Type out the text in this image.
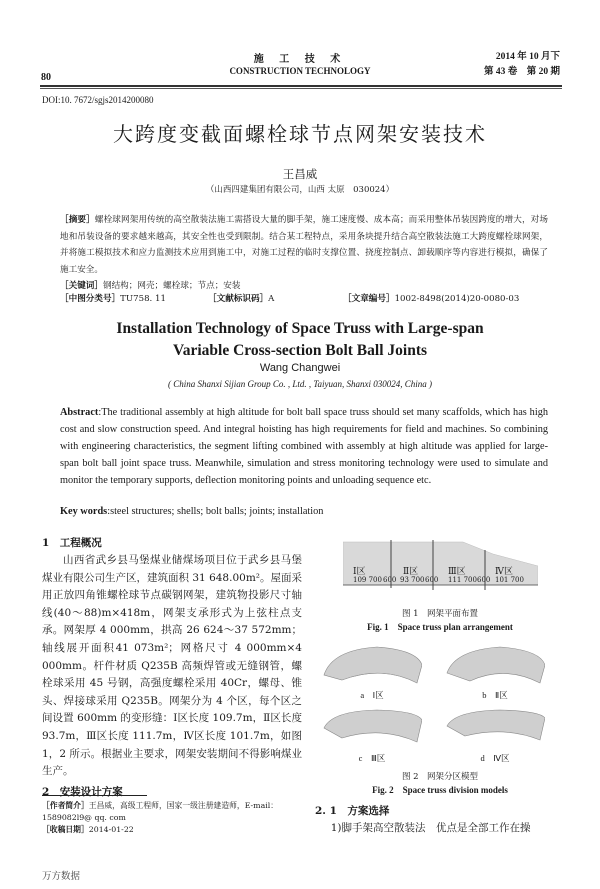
80
施 工 技 术
CONSTRUCTION TECHNOLOGY
2014 年 10 月下
第 43 卷　第 20 期
DOI:10. 7672/sgjs2014200080
大跨度变截面螺栓球节点网架安装技术
王昌威
（山西四建集团有限公司，山西 太原　030024）
［摘要］螺栓球网架用传统的高空散装法施工需搭设大量的脚手架，施工速度慢、成本高；而采用整体吊装因跨度的增大，对场地和吊装设备的要求越来越高，其安全性也受到限制。结合某工程特点，采用条块提升结合高空散装法施工大跨度螺栓球网架，并将施工模拟技术和应力监测技术应用到施工中，对施工过程的临时支撑位置、挠度控制点、卸载顺序等内容进行模拟，确保了施工安全。
［关键词］钢结构；网壳；螺栓球；节点；安装
［中图分类号］TU758. 11	［文献标识码］A	［文章编号］1002-8498(2014)20-0080-03
Installation Technology of Space Truss with Large-span
Variable Cross-section Bolt Ball Joints
Wang Changwei
( China Shanxi Sijian Group Co. , Ltd. , Taiyuan, Shanxi 030024, China )
Abstract:The traditional assembly at high altitude for bolt ball space truss should set many scaffolds, which has high cost and slow construction speed. And integral hoisting has high requirements for field and machines. So combining with engineering characteristics, the segment lifting combined with assembly at high altitude was applied for large-span bolt ball joint space truss. Meanwhile, simulation and stress monitoring technology were used to simulate and monitor the temporary supports, deflection monitoring points and unloading sequence etc.
Key words:steel structures; shells; bolt balls; joints; installation
1　工程概况
山西省武乡县马堡煤业储煤场项目位于武乡县马堡煤业有限公司生产区，建筑面积 31 648.00m²。屋面采用正放四角锥螺栓球节点碳钢网架，建筑物投影尺寸轴线(40～88)m×418m，网架支承形式为上弦柱点支承。网架厚 4 000mm，拱高 26 624～37 572mm；轴线展开面积41 073m²；网格尺寸 4 000mm×4 000mm。杆件材质 Q235B 高频焊管或无缝钢管，螺栓球采用 45 号钢，高强度螺栓采用 40Cr，螺母、锥头、焊接球采用 Q235B。网架分为 4 个区，每个区之间设置 600mm 的变形缝：Ⅰ区长度 109.7m，Ⅱ区长度 93.7m，Ⅲ区长度 111.7m，Ⅳ区长度 101.7m，如图 1，2 所示。根据业主要求，网架安装期间不得影响煤业生产。
2　安装设计方案
［作者简介］王昌威，高级工程师，国家一级注册建造师，E-mail：1589082l9@ qq. com
［收稿日期］2014-01-22
万方数据
Ⅰ区	Ⅱ区	Ⅲ区	Ⅳ区
109 700 600 93 700 600 111 700 600 101 700
图 1　网架平面布置
Fig. 1　Space truss plan arrangement
a　Ⅰ区	b　Ⅱ区
c　Ⅲ区	d　Ⅳ区
图 2　网架分区模型
Fig. 2　Space truss division models
2. 1　方案选择
1)脚手架高空散装法　优点是全部工作在操
